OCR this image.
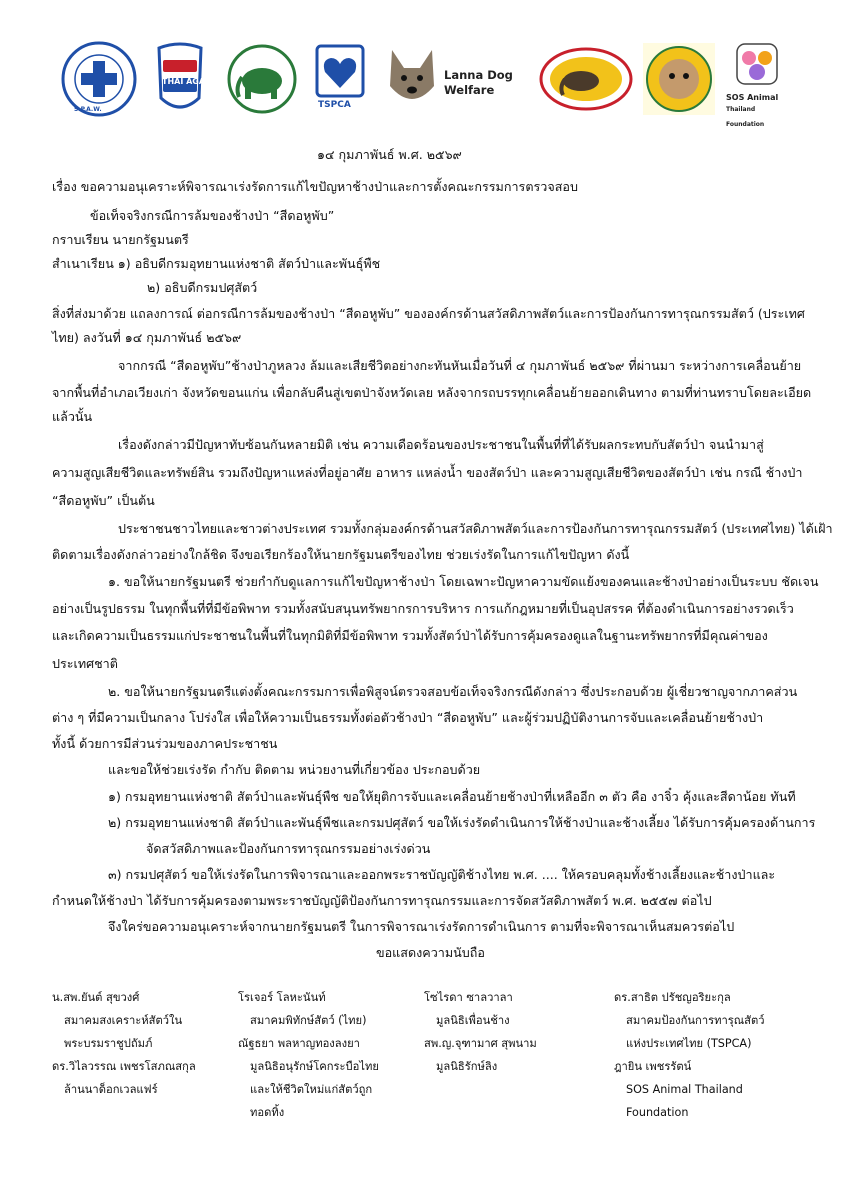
S.P.A.W.
THAI AGA
TSPCA
Lanna Dog Welfare
SOS Animal
Thailand Foundation
๑๔ กุมภาพันธ์ พ.ศ. ๒๕๖๙
เรื่อง ขอความอนุเคราะห์พิจารณาเร่งรัดการแก้ไขปัญหาช้างป่าและการตั้งคณะกรรมการตรวจสอบ
ข้อเท็จจริงกรณีการล้มของช้างป่า “สีดอหูพับ”
กราบเรียน นายกรัฐมนตรี
สำเนาเรียน ๑) อธิบดีกรมอุทยานแห่งชาติ สัตว์ป่าและพันธุ์พืช
๒) อธิบดีกรมปศุสัตว์
สิ่งที่ส่งมาด้วย แถลงการณ์ ต่อกรณีการล้มของช้างป่า “สีดอหูพับ” ขององค์กรด้านสวัสดิภาพสัตว์และการป้องกันการทารุณกรรมสัตว์ (ประเทศ
ไทย) ลงวันที่ ๑๔ กุมภาพันธ์ ๒๕๖๙
จากกรณี “สีดอหูพับ”ช้างป่าภูหลวง ล้มและเสียชีวิตอย่างกะทันหันเมื่อวันที่ ๔ กุมภาพันธ์ ๒๕๖๙ ที่ผ่านมา ระหว่างการเคลื่อนย้าย
จากพื้นที่อำเภอเวียงเก่า จังหวัดขอนแก่น เพื่อกลับคืนสู่เขตป่าจังหวัดเลย หลังจากรถบรรทุกเคลื่อนย้ายออกเดินทาง ตามที่ท่านทราบโดยละเอียด
แล้วนั้น
เรื่องดังกล่าวมีปัญหาทับซ้อนกันหลายมิติ เช่น ความเดือดร้อนของประชาชนในพื้นที่ที่ได้รับผลกระทบกับสัตว์ป่า จนนำมาสู่
ความสูญเสียชีวิตและทรัพย์สิน รวมถึงปัญหาแหล่งที่อยู่อาศัย อาหาร แหล่งน้ำ ของสัตว์ป่า และความสูญเสียชีวิตของสัตว์ป่า เช่น กรณี ช้างป่า
“สีดอหูพับ” เป็นต้น
ประชาชนชาวไทยและชาวต่างประเทศ รวมทั้งกลุ่มองค์กรด้านสวัสดิภาพสัตว์และการป้องกันการทารุณกรรมสัตว์ (ประเทศไทย) ได้เฝ้า
ติดตามเรื่องดังกล่าวอย่างใกล้ชิด จึงขอเรียกร้องให้นายกรัฐมนตรีของไทย ช่วยเร่งรัดในการแก้ไขปัญหา ดังนี้
๑. ขอให้นายกรัฐมนตรี ช่วยกำกับดูแลการแก้ไขปัญหาช้างป่า โดยเฉพาะปัญหาความขัดแย้งของคนและช้างป่าอย่างเป็นระบบ ชัดเจน
อย่างเป็นรูปธรรม ในทุกพื้นที่ที่มีข้อพิพาท รวมทั้งสนับสนุนทรัพยากรการบริหาร การแก้กฎหมายที่เป็นอุปสรรค ที่ต้องดำเนินการอย่างรวดเร็ว
และเกิดความเป็นธรรมแก่ประชาชนในพื้นที่ในทุกมิติที่มีข้อพิพาท รวมทั้งสัตว์ป่าได้รับการคุ้มครองดูแลในฐานะทรัพยากรที่มีคุณค่าของ
ประเทศชาติ
๒. ขอให้นายกรัฐมนตรีแต่งตั้งคณะกรรมการเพื่อพิสูจน์ตรวจสอบข้อเท็จจริงกรณีดังกล่าว ซึ่งประกอบด้วย ผู้เชี่ยวชาญจากภาคส่วน
ต่าง ๆ ที่มีความเป็นกลาง โปร่งใส เพื่อให้ความเป็นธรรมทั้งต่อตัวช้างป่า “สีดอหูพับ” และผู้ร่วมปฏิบัติงานการจับและเคลื่อนย้ายช้างป่า
ทั้งนี้ ด้วยการมีส่วนร่วมของภาคประชาชน
และขอให้ช่วยเร่งรัด กำกับ ติดตาม หน่วยงานที่เกี่ยวข้อง ประกอบด้วย
๑) กรมอุทยานแห่งชาติ สัตว์ป่าและพันธุ์พืช ขอให้ยุติการจับและเคลื่อนย้ายช้างป่าที่เหลืออีก ๓ ตัว คือ งาจิ๋ว คุ้งและสีดาน้อย ทันที
๒) กรมอุทยานแห่งชาติ สัตว์ป่าและพันธุ์พืชและกรมปศุสัตว์ ขอให้เร่งรัดดำเนินการให้ช้างป่าและช้างเลี้ยง ได้รับการคุ้มครองด้านการ
จัดสวัสดิภาพและป้องกันการทารุณกรรมอย่างเร่งด่วน
๓) กรมปศุสัตว์ ขอให้เร่งรัดในการพิจารณาและออกพระราชบัญญัติช้างไทย พ.ศ. .... ให้ครอบคลุมทั้งช้างเลี้ยงและช้างป่าและ
กำหนดให้ช้างป่า ได้รับการคุ้มครองตามพระราชบัญญัติป้องกันการทารุณกรรมและการจัดสวัสดิภาพสัตว์ พ.ศ. ๒๕๕๗ ต่อไป
จึงใคร่ขอความอนุเคราะห์จากนายกรัฐมนตรี ในการพิจารณาเร่งรัดการดำเนินการ ตามที่จะพิจารณาเห็นสมควรต่อไป
ขอแสดงความนับถือ
น.สพ.ยันต์ สุขวงศ์
สมาคมสงเคราะห์สัตว์ใน
พระบรมราชูปถัมภ์
ดร.วิไลวรรณ เพชรโสภณสกุล
ล้านนาด็อกเวลแฟร์
โรเจอร์ โลหะนันท์
สมาคมพิทักษ์สัตว์ (ไทย)
ณัฐธยา พลหาญทองลงยา
มูลนิธิอนุรักษ์โคกระบือไทย
และให้ชีวิตใหม่แก่สัตว์ถูก
ทอดทิ้ง
โซไรดา ซาลวาลา
มูลนิธิเพื่อนช้าง
สพ.ญ.จุฑามาศ สุพนาม
มูลนิธิรักษ์ลิง
ดร.สาธิต ปรัชญอริยะกุล
สมาคมป้องกันการทารุณสัตว์
แห่งประเทศไทย (TSPCA)
ฎายิน เพชรรัตน์
SOS Animal Thailand
Foundation
